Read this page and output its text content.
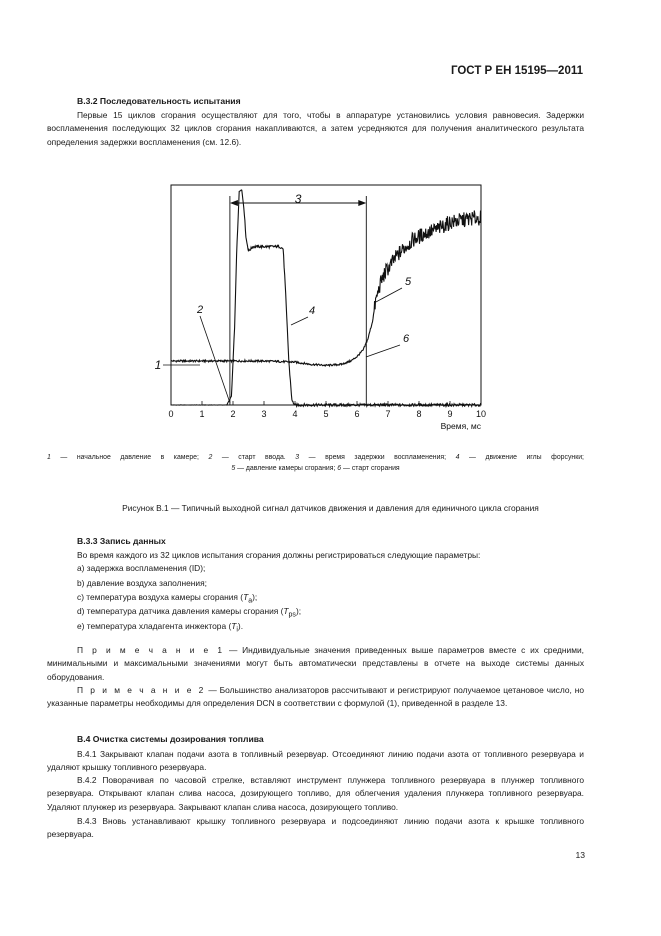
ГОСТ Р ЕН 15195—2011
B.3.2 Последовательность испытания
Первые 15 циклов сгорания осуществляют для того, чтобы в аппаратуре установились условия равновесия. Задержки воспламенения последующих 32 циклов сгорания накапливаются, а затем усредняются для получения аналитического результата определения задержки воспламенения (см. 12.6).
0	1	2	3	4	5	6	7	8	9	10
Время, мс
3
1
2	4
5
6
1 — начальное давление в камере; 2 — старт ввода. 3 — время задержки воспламенения; 4 — движение иглы форсунки;
5 — давление камеры сгорания; 6 — старт сгорания
Рисунок B.1 — Типичный выходной сигнал датчиков движения и давления для единичного цикла сгорания
B.3.3 Запись данных
Во время каждого из 32 циклов испытания сгорания должны регистрироваться следующие параметры:
a) задержка воспламенения (ID);
b) давление воздуха заполнения;
c) температура воздуха камеры сгорания $(T_a)$;
d) температура датчика давления камеры сгорания $(T_{ps})$;
e) температура хладагента инжектора $(T_i)$.
П р и м е ч а н и е 1 — Индивидуальные значения приведенных выше параметров вместе с их средними, минимальными и максимальными значениями могут быть автоматически представлены в отчете на выходе системы данных оборудования.
П р и м е ч а н и е 2 — Большинство анализаторов рассчитывают и регистрируют получаемое цетановое число, но указанные параметры необходимы для определения DCN в соответствии с формулой (1), приведенной в разделе 13.
B.4 Очистка системы дозирования топлива
B.4.1 Закрывают клапан подачи азота в топливный резервуар. Отсоединяют линию подачи азота от топливного резервуара и удаляют крышку топливного резервуара.
B.4.2 Поворачивая по часовой стрелке, вставляют инструмент плунжера топливного резервуара в плунжер топливного резервуара. Открывают клапан слива насоса, дозирующего топливо, для облегчения удаления плунжера топливного резервуара. Удаляют плунжер из резервуара. Закрывают клапан слива насоса, дозирующего топливо.
B.4.3 Вновь устанавливают крышку топливного резервуара и подсоединяют линию подачи азота к крышке топливного резервуара.
13
